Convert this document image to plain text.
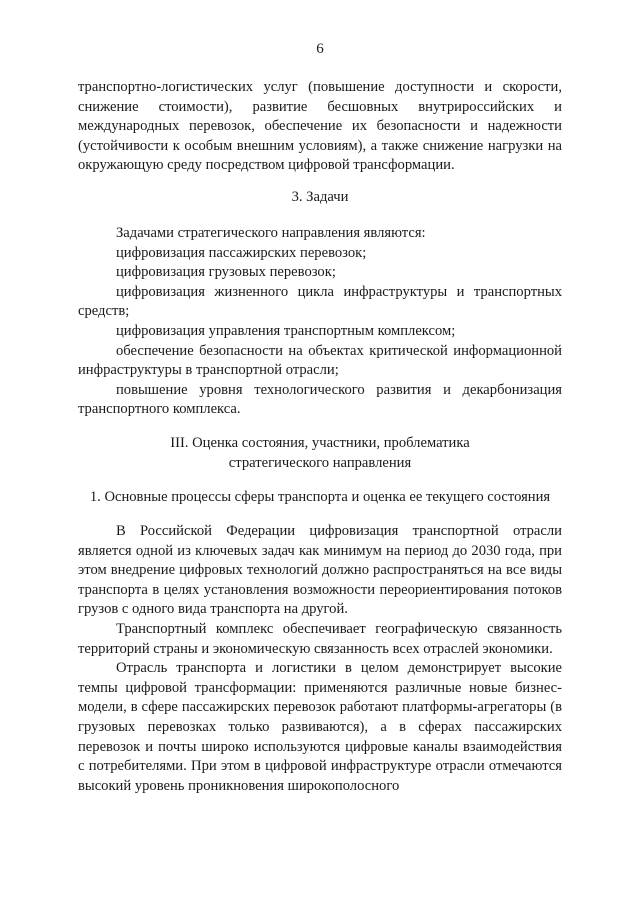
6

транспортно-логистических услуг (повышение доступности и скорости, снижение стоимости), развитие бесшовных внутрироссийских и международных перевозок, обеспечение их безопасности и надежности (устойчивости к особым внешним условиям), а также снижение нагрузки на окружающую среду посредством цифровой трансформации.

3. Задачи

Задачами стратегического направления являются:

цифровизация пассажирских перевозок;

цифровизация грузовых перевозок;

цифровизация жизненного цикла инфраструктуры и транспортных средств;

цифровизация управления транспортным комплексом;

обеспечение безопасности на объектах критической информационной инфраструктуры в транспортной отрасли;

повышение уровня технологического развития и декарбонизация транспортного комплекса.

III. Оценка состояния, участники, проблематика

стратегического направления

1. Основные процессы сферы транспорта и оценка ее текущего состояния

В Российской Федерации цифровизация транспортной отрасли является одной из ключевых задач как минимум на период до 2030 года, при этом внедрение цифровых технологий должно распространяться на все виды транспорта в целях установления возможности переориентирования потоков грузов с одного вида транспорта на другой.

Транспортный комплекс обеспечивает географическую связанность территорий страны и экономическую связанность всех отраслей экономики.

Отрасль транспорта и логистики в целом демонстрирует высокие темпы цифровой трансформации: применяются различные новые бизнес-модели, в сфере пассажирских перевозок работают платформы-агрегаторы (в грузовых перевозках только развиваются), а в сферах пассажирских перевозок и почты широко используются цифровые каналы взаимодействия с потребителями. При этом в цифровой инфраструктуре отрасли отмечаются высокий уровень проникновения широкополосного
